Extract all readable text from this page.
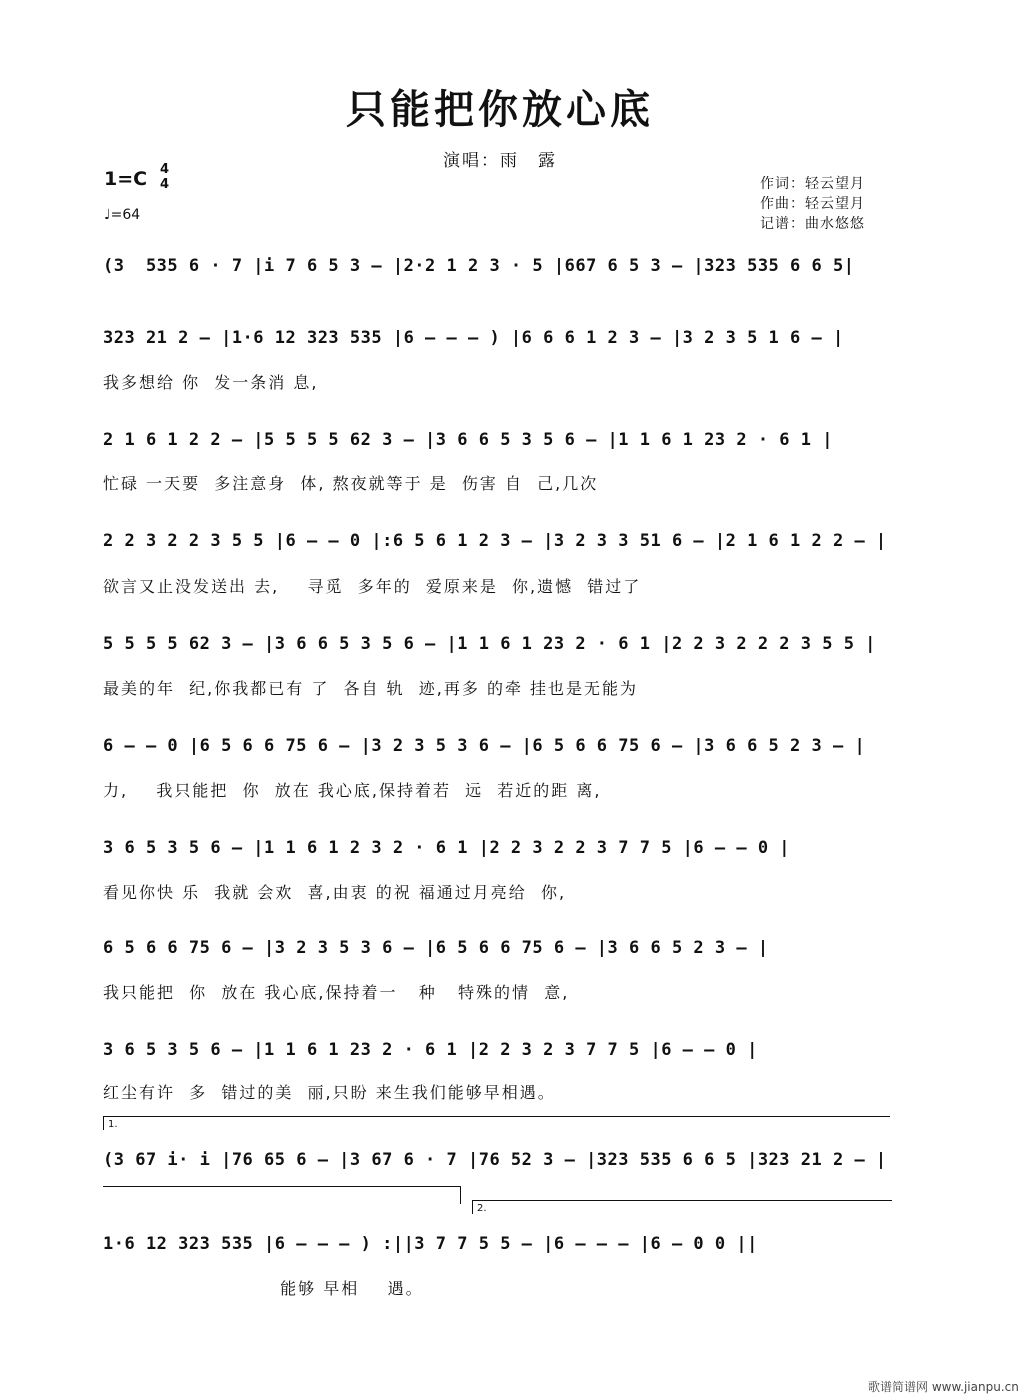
只能把你放心底
演唱：雨　露
1=C 4
4
♩=64
作词：轻云望月
作曲：轻云望月
记谱：曲水悠悠
(3  535 6 · 7 |i 7 6 5 3 – |2·2 1 2 3 · 5 |667 6 5 3 – |323 535 6 6 5|
323 21 2 – |1·6 12 323 535 |6 – – – ) |6 6 6 1 2 3 – |3 2 3 5 1 6 – |
我多想给 你  发一条消 息,
2 1 6 1 2 2 – |5 5 5 5 62 3 – |3 6 6 5 3 5 6 – |1 1 6 1 23 2 · 6 1 |
忙碌 一天要  多注意身  体, 熬夜就等于 是  伤害 自  己,几次
2 2 3 2 2 3 5 5 |6 – – 0 |:6 5 6 1 2 3 – |3 2 3 3 51 6 – |2 1 6 1 2 2 – |
欲言又止没发送出 去,    寻觅  多年的  爱原来是  你,遗憾  错过了
5 5 5 5 62 3 – |3 6 6 5 3 5 6 – |1 1 6 1 23 2 · 6 1 |2 2 3 2 2 2 3 5 5 |
最美的年  纪,你我都已有 了  各自 轨  迹,再多 的牵 挂也是无能为
6 – – 0 |6 5 6 6 75 6 – |3 2 3 5 3 6 – |6 5 6 6 75 6 – |3 6 6 5 2 3 – |
力,    我只能把  你  放在 我心底,保持着若  远  若近的距 离,
3 6 5 3 5 6 – |1 1 6 1 2 3 2 · 6 1 |2 2 3 2 2 3 7 7 5 |6 – – 0 |
看见你快 乐  我就 会欢  喜,由衷 的祝 福通过月亮给  你,
6 5 6 6 75 6 – |3 2 3 5 3 6 – |6 5 6 6 75 6 – |3 6 6 5 2 3 – |
我只能把  你  放在 我心底,保持着一   种   特殊的情  意,
3 6 5 3 5 6 – |1 1 6 1 23 2 · 6 1 |2 2 3 2 3 7 7 5 |6 – – 0 |
红尘有许  多  错过的美  丽,只盼 来生我们能够早相遇。
1.
(3 67 i· i |76 65 6 – |3 67 6 · 7 |76 52 3 – |323 535 6 6 5 |323 21 2 – |
2.
1·6 12 323 535 |6 – – – ) :||3 7 7 5 5 – |6 – – – |6 – 0 0 ||
能够 早相    遇。
歌谱简谱网 www.jianpu.cn
